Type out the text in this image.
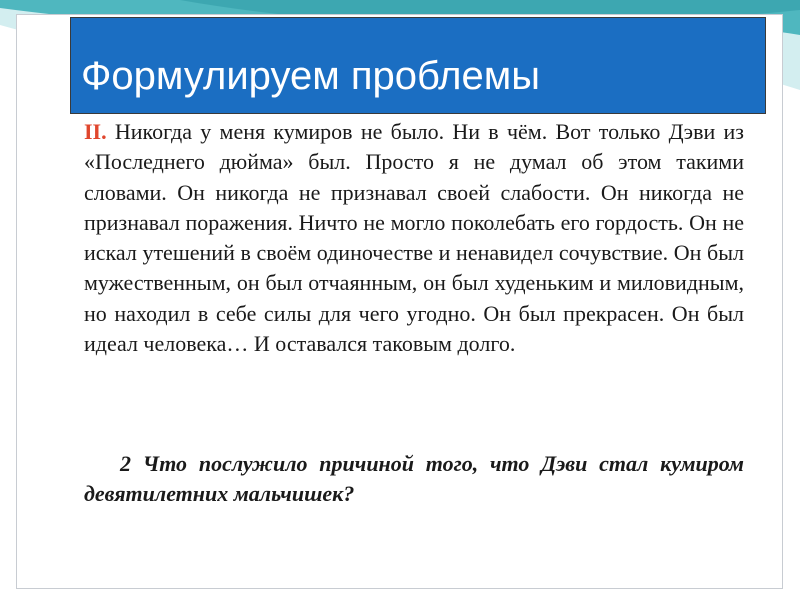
Формулируем проблемы

II. Никогда у меня кумиров не было. Ни в чём. Вот только Дэви из «Последнего дюйма» был. Просто я не думал об этом такими словами. Он никогда не признавал своей слабости. Он никогда не признавал поражения. Ничто не могло поколебать его гордость. Он не искал утешений в своём одиночестве и ненавидел сочувствие. Он был мужественным, он был отчаянным, он был худеньким и миловидным, но находил в себе силы для чего угодно. Он был прекрасен. Он был идеал человека… И оставался таковым долго.

2 Что послужило причиной того, что Дэви стал кумиром девятилетних мальчишек?
